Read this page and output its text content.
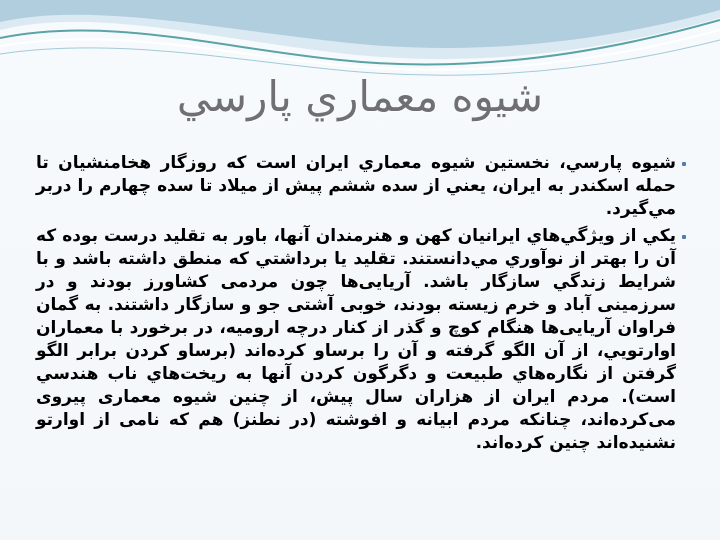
شيوه معماري پارسي

شيوه پارسي، نخستين شيوه معماري ايران است که روزگار هخامنشيان تا حمله اسکندر به ايران، يعني از سده ششم پيش از ميلاد تا سده چهارم را دربر مي‌گيرد.

يکي از ويژگي‌هاي ايرانيان کهن و هنرمندان آنها، باور به تقليد درست بوده که آن را بهتر از نوآوري مي‌دانستند. تقليد يا برداشتي که منطق داشته باشد و با شرايط زندگي سازگار باشد. آریایی‌ها چون مردمی کشاورز بودند و در سرزمینی آباد و خرم زیسته بودند، خوبی آشتی جو و سازگار داشتند. به گمان فراوان آریایی‌ها هنگام کوچ و گذر از کنار درچه ارومیه، در برخورد با معماران اوارتويي، از آن الگو گرفته و آن را برساو کرده‌اند (برساو کردن برابر الگو گرفتن از نگاره‌هاي طبيعت و دگرگون کردن آنها به ريخت‌هاي ناب هندسي است). مردم ايران از هزاران سال پیش، از چنين شيوه معماری پيروی می‌کرده‌اند، چنانکه مردم ابيانه و افوشته (در نطنز) هم که نامی از اوارتو نشنيده‌اند چنين کرده‌اند.
